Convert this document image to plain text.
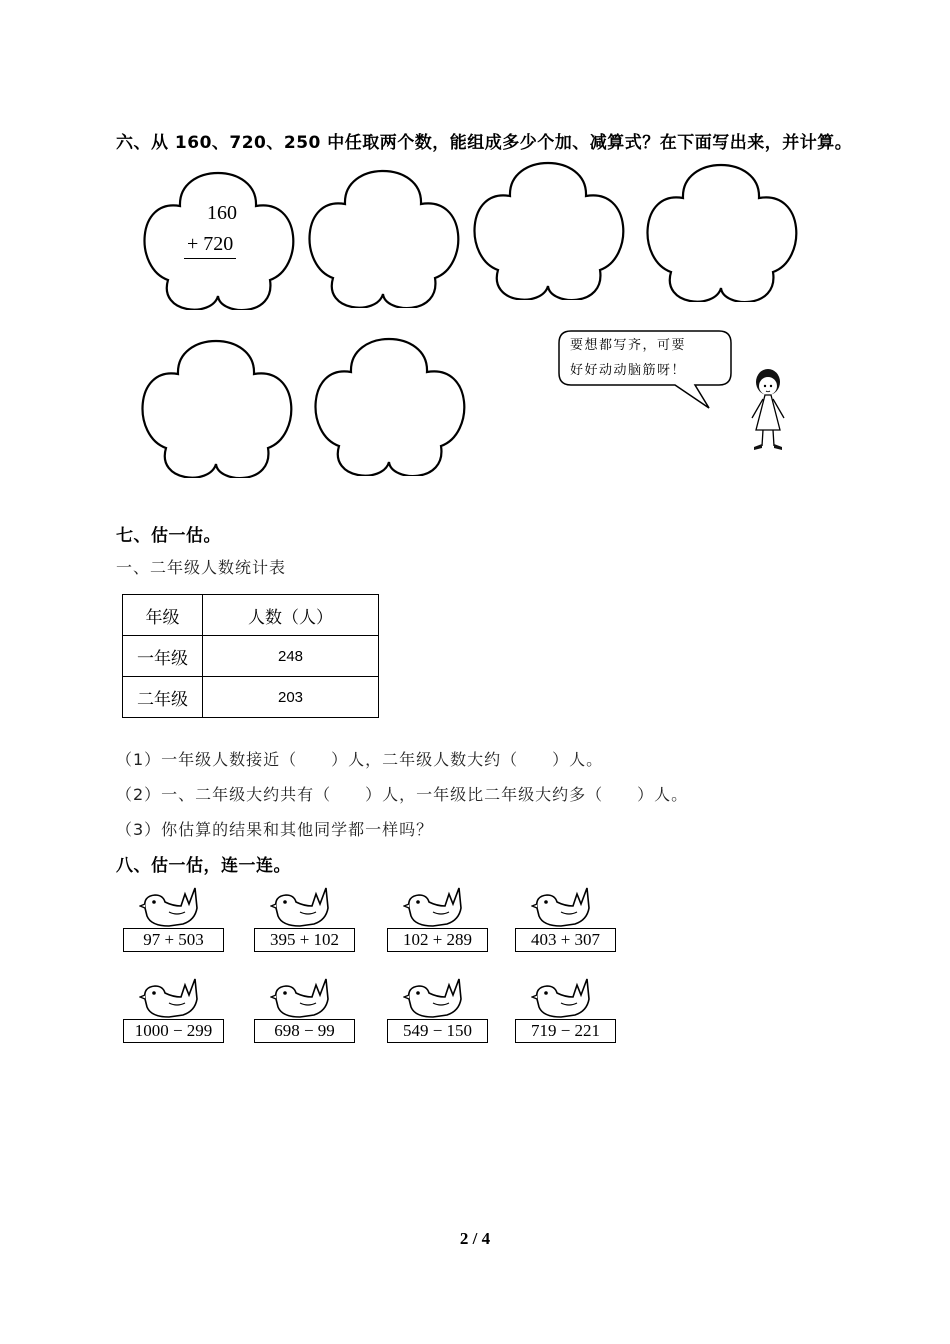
六、从 160、720、250 中任取两个数，能组成多少个加、减算式？在下面写出来，并计算。
160
+ 720
要想都写齐，可要
好好动动脑筋呀！
七、估一估。
一、二年级人数统计表
年级	人数（人）
一年级	248
二年级	203
（1）一年级人数接近（　　）人，二年级人数大约（　　）人。
（2）一、二年级大约共有（　　）人，一年级比二年级大约多（　　）人。
（3）你估算的结果和其他同学都一样吗？
八、估一估，连一连。
97 + 503	395 + 102	102 + 289	403 + 307
1000 − 299	698 − 99	549 − 150	719 − 221
2 / 4
